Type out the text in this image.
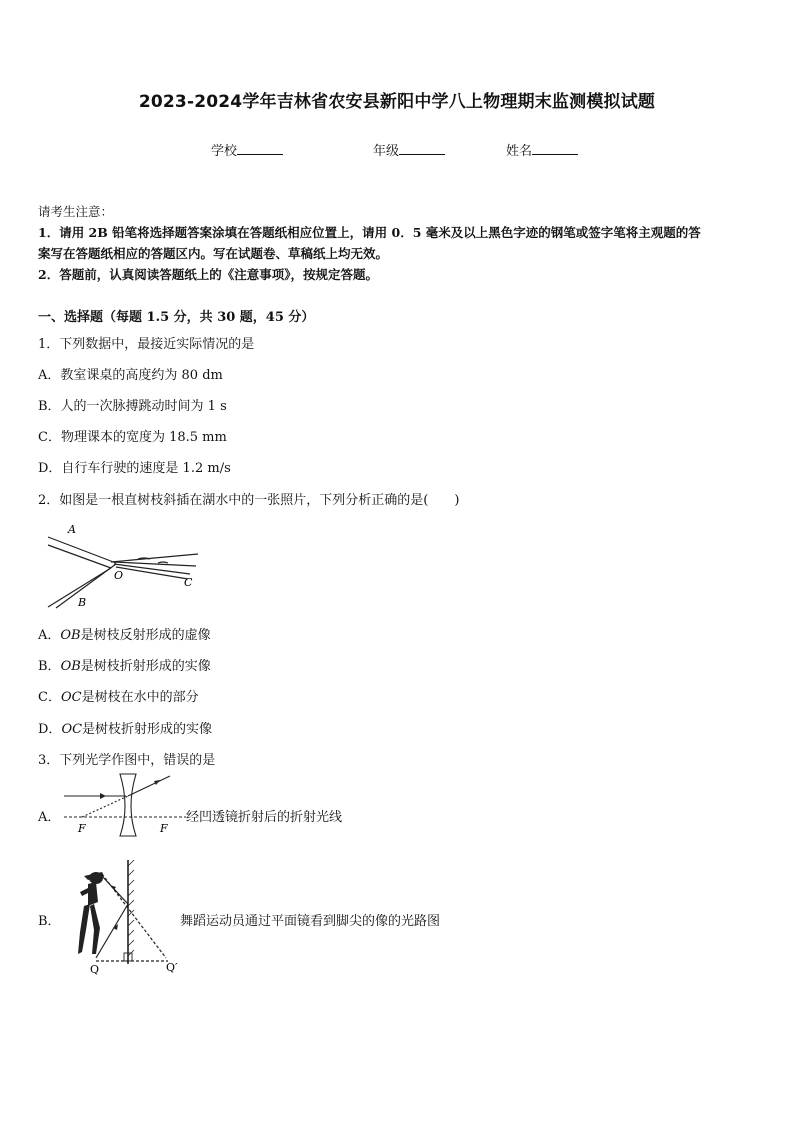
2023-2024学年吉林省农安县新阳中学八上物理期末监测模拟试题
学校	年级	姓名
请考生注意：
1．请用 2B 铅笔将选择题答案涂填在答题纸相应位置上，请用 0．5 毫米及以上黑色字迹的钢笔或签字笔将主观题的答
案写在答题纸相应的答题区内。写在试题卷、草稿纸上均无效。
2．答题前，认真阅读答题纸上的《注意事项》，按规定答题。
一、选择题（每题 1.5 分，共 30 题，45 分）
1．下列数据中，最接近实际情况的是
A．教室课桌的高度约为 80 dm
B．人的一次脉搏跳动时间为 1 s
C．物理课本的宽度为 18.5 mm
D．自行车行驶的速度是 1.2 m/s
2．如图是一根直树枝斜插在湖水中的一张照片，下列分析正确的是(　　)
A
B
C
O
A．OB是树枝反射形成的虚像
B．OB是树枝折射形成的实像
C．OC是树枝在水中的部分
D．OC是树枝折射形成的实像
3．下列光学作图中，错误的是
A．
F	F
经凹透镜折射后的折射光线
B．
Q	Q′
舞蹈运动员通过平面镜看到脚尖的像的光路图
